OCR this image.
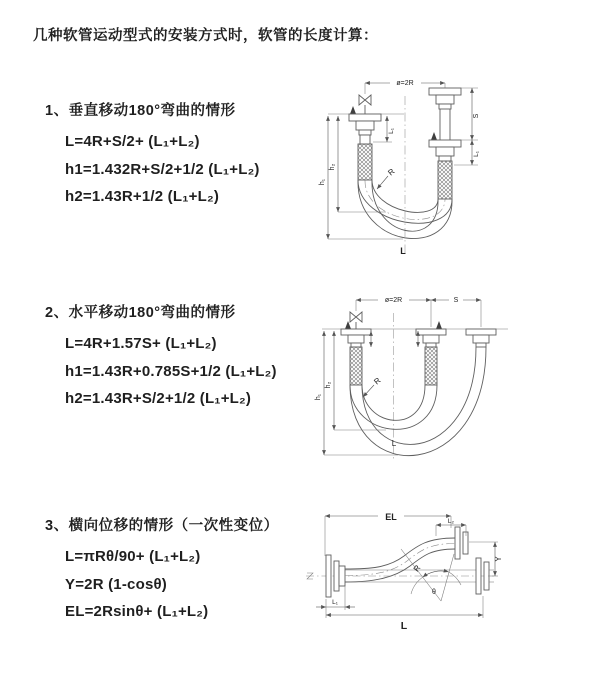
几种软管运动型式的安装方式时，软管的长度计算：
1、垂直移动180°弯曲的情形
L=4R+S/2+ (L₁+L₂)
h1=1.432R+S/2+1/2 (L₁+L₂)
h2=1.43R+1/2 (L₁+L₂)
2、水平移动180°弯曲的情形
L=4R+1.57S+ (L₁+L₂)
h1=1.43R+0.785S+1/2 (L₁+L₂)
h2=1.43R+S/2+1/2 (L₁+L₂)
3、横向位移的情形（一次性变位）
L=πRθ/90+ (L₁+L₂)
Y=2R (1-cosθ)
EL=2Rsinθ+ (L₁+L₂)
ø=2R
L₁
S
L₁
h₁
h₂	R
L
ø=2R	S
h₁
h₂	R
L
EL	L₂
Y
R
θ
L₁
L
